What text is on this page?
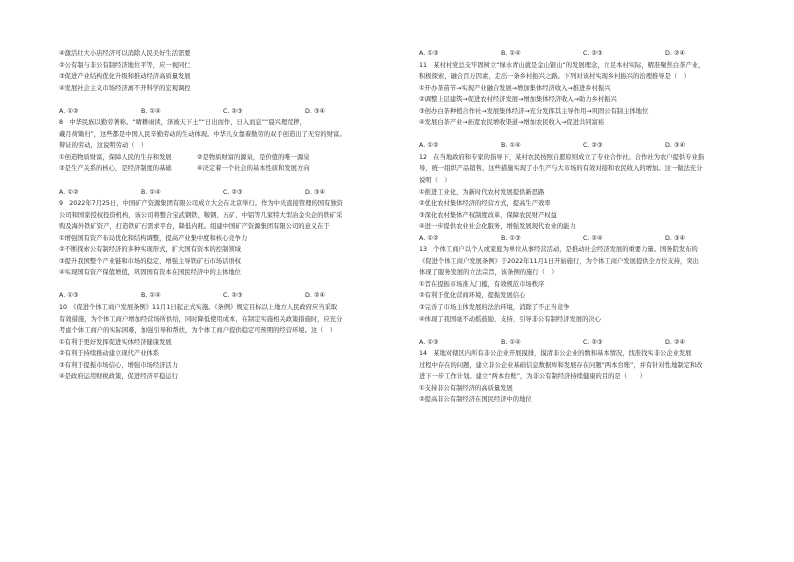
④激活壮大小店经济可以消除人民美好生活需要
②公有制与非公有制经济地位平等，应一视同仁
③促进产业结构优化升级和推动经济高质量发展
④发展社会主义市场经济离不开科学的宏观调控
A. ①②	B. ①④	C. ②③	D. ③④
8　中华民族以勤劳著称。“晴耕雨读，泽被天下土”“日出而作，日入而息”“晨兴理荒秽，
戴月荷锄归”，这些都是中国人民辛勤劳动的生动体现。中华儿女靠着勤劳的双手创造出了无穷的财富。
辩证的劳动，这说明劳动（　）
①创造物质财富，保障人民的生存和发展　　　　②是物质财富的源泉，是价值的唯一源泉
③是生产关系的核心，是经济制度的基础　　　　④决定着一个社会的基本性质和发展方向
A. ①②	B. ①④	C. ②③	D. ③④
9　2022年7月25日，中国矿产资源集团有限公司成立大会在北京举行。作为中央直接管理的国有独资
公司和国家授权投资机构，该公司将整合宝武钢铁、鞍钢、五矿、中铝等几家特大型冶金央企的铁矿采
购及海外铁矿资产，打造铁矿石需求平台，降低内耗。组建中国矿产资源集团有限公司的意义在于
①增强国有资产布局优化和结构调整，提高产业集中度和核心竞争力
②不断探索公有制经济的多种实现形式，扩大国有资本的控制领域
③提升我国整个产业链和市场的稳定，增强主导铁矿石市场话语权
④实现国有资产保值增值，巩固国有资本在国民经济中的主体地位
A. ①③	B. ①④	C. ②③	D. ②④
10　《促进个体工商户发展条例》11月1日起正式实施。《条例》规定目标以上地方人民政府应当采取
有效措施，为个体工商户增加经营场所供给，同时降低使用成本，在制定实施相关政策措施时，应充分
考虑个体工商户的实际困难，加强引导和帮扶，为个体工商户提供稳定可预期的经营环境。这（　）
①有利于更好发挥促进实体经济健康发展
②有利于持续推动建立现代产业体系
③有利于提振市场信心，增强市场经济活力
④是政府运用财税政策，促进经济平稳运行
A. ①③	B. ①④	C. ②③	D. ②④
11　某村村党总支牢固树立“绿水青山就是金山银山”的发展理念，立足本村实际，精准聚焦白茶产业，
积极探索，融合百万因素，走出一条乡村振兴之路。下列对该村实现乡村振兴的治理推导是（　）
①开办茶苗节→实现产业融合发展→增加集体经济收入→推进乡村振兴
②调整上层建筑→促进农村经济发展→增加集体经济收入→助力乡村振兴
③创办白茶种植合作社→发展集体经济→充分发挥其主导作用→巩固公有制主体地位
④发展白茶产业→拓宽农民增收渠道→增加农民收入→促进共同富裕
A. ①②	B. ①④	C. ②③	D. ③④
12　在当地政府和专家的指导下，某村农民按照自愿原则成立了专业合作社。合作社为农户提供专业指
导，统一组织产品销售。这些措施实现了小生产与大市场的有效对接和农民收入的增加。这一做法充分
说明（　）
①推进工业化，为新时代农村发展提供新思路
②优化农村集体经济的经营方式，提高生产效率
③深化农村集体产权制度改革，保障农民财产权益
④进一步提供农业社会化服务，增强发展现代农业的能力
A. ①②	B. ①③	C. ②④	D. ③④
13　个体工商户以个人或家庭为单位从事经营活动，是推动社会经济发展的重要力量。国务院发布的
《促进个体工商户发展条例》于2022年11月1日开始施行，为个体工商户发展提供全方位支持，突出
体现了服务发展的立法宗旨，该条例的施行（　）
①旨在提振市场准入门槛，有效规范市场秩序
②有利于优化营商环境，提振发展信心
③完善了市场主体发展的法治环境，消除了不正当竞争
④体现了我国毫不动摇鼓励、支持、引导非公有制经济发展的决心
A. ①③	B. ①④	C. ②③	D. ②④
14　某地对辖区内所有非公企业开展摸排，摸清非公企业的数和基本情况，找准找实非公企业发展
过程中存在的问题，建立非公企业基础信息数据库和发展存在问题“两本台账”，并有针对性地制定和改
进下一步工作计划。建立“两本台账”，为非公有制经济持续健康的目的是（　　）
①支持非公有制经济的高质量发展
②提高非公有制经济在国民经济中的地位
